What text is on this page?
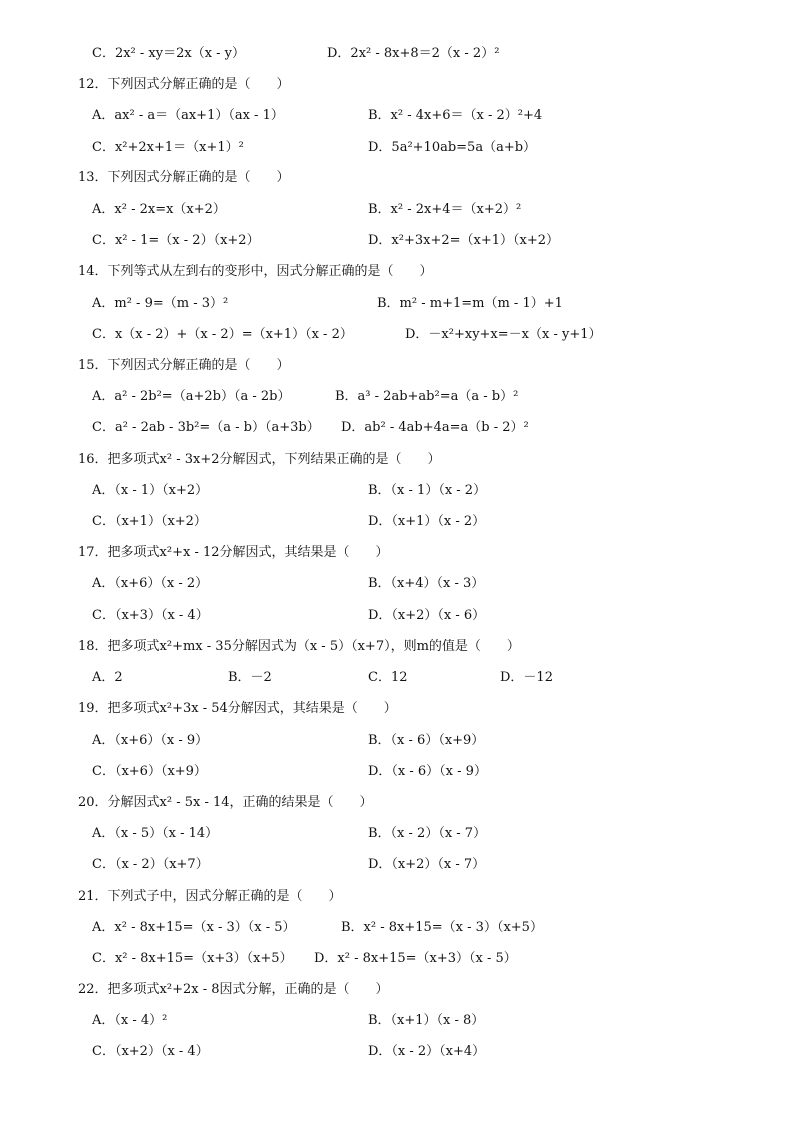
C．2x² - xy＝2x（x - y）	D．2x² - 8x+8＝2（x - 2）²
12．下列因式分解正确的是（　　）
A．ax² - a＝（ax+1）（ax - 1）	B．x² - 4x+6＝（x - 2）²+4
C．x²+2x+1＝（x+1）²	D．5a²+10ab=5a（a+b）
13．下列因式分解正确的是（　　）
A．x² - 2x=x（x+2）	B．x² - 2x+4＝（x+2）²
C．x² - 1=（x - 2）（x+2）	D．x²+3x+2=（x+1）（x+2）
14．下列等式从左到右的变形中，因式分解正确的是（　　）
A．m² - 9=（m - 3）²	B．m² - m+1=m（m - 1）+1
C．x（x - 2）+（x - 2）=（x+1）（x - 2）	D．－x²+xy+x=－x（x - y+1）
15．下列因式分解正确的是（　　）
A．a² - 2b²=（a+2b）（a - 2b）	B．a³ - 2ab+ab²=a（a - b）²
C．a² - 2ab - 3b²=（a - b）（a+3b） D．ab² - 4ab+4a=a（b - 2）²
16．把多项式x² - 3x+2分解因式，下列结果正确的是（　　）
A．（x - 1）（x+2）	B．（x - 1）（x - 2）
C．（x+1）（x+2）	D．（x+1）（x - 2）
17．把多项式x²+x - 12分解因式，其结果是（　　）
A．（x+6）（x - 2）	B．（x+4）（x - 3）
C．（x+3）（x - 4）	D．（x+2）（x - 6）
18．把多项式x²+mx - 35分解因式为（x - 5）（x+7），则m的值是（　　）
A．2	B．－2	C．12	D．－12
19．把多项式x²+3x - 54分解因式，其结果是（　　）
A．（x+6）（x - 9）	B．（x - 6）（x+9）
C．（x+6）（x+9）	D．（x - 6）（x - 9）
20．分解因式x² - 5x - 14，正确的结果是（　　）
A．（x - 5）（x - 14）	B．（x - 2）（x - 7）
C．（x - 2）（x+7）	D．（x+2）（x - 7）
21．下列式子中，因式分解正确的是（　　）
A．x² - 8x+15=（x - 3）（x - 5）	B．x² - 8x+15=（x - 3）（x+5）
C．x² - 8x+15=（x+3）（x+5） D．x² - 8x+15=（x+3）（x - 5）
22．把多项式x²+2x - 8因式分解，正确的是（　　）
A．（x - 4）²	B．（x+1）（x - 8）
C．（x+2）（x - 4）	D．（x - 2）（x+4）
